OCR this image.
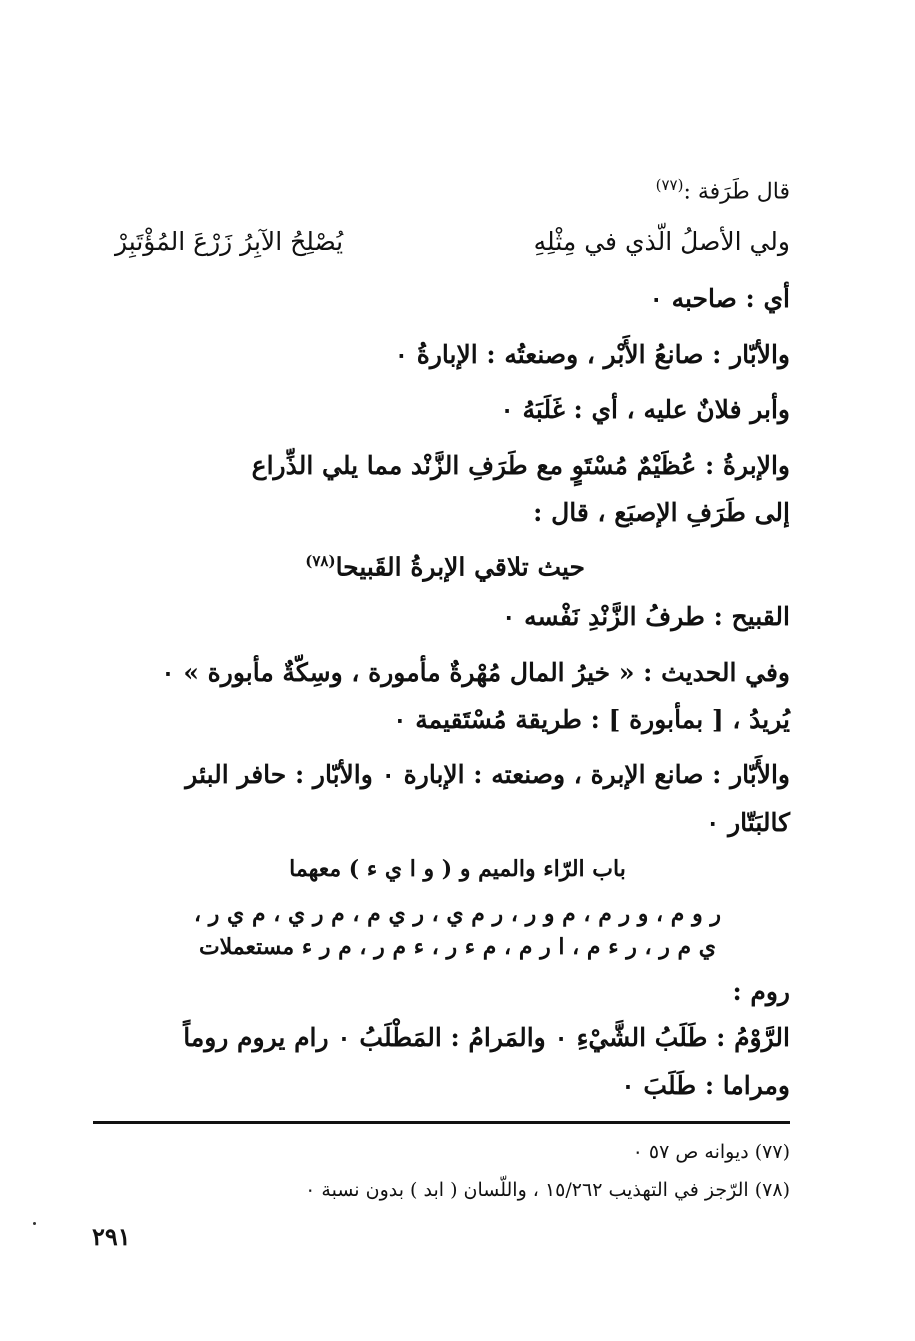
قال طَرَفة :$^{(٧٧)}$
ولي الأصلُ الّذي في مِثْلِهِ
يُصْلِحُ الآبِرُ زَرْعَ المُؤْتَبِرْ
أي : صاحبه ٠
والأبّار : صانعُ الأَبْر ، وصنعتُه : الإبارةُ ٠
وأبر فلانٌ عليه ، أي : غَلَبَهُ ٠
والإبرةُ : عُظَيْمٌ مُسْتَوٍ مع طَرَفِ الزَّنْد مما يلي الذِّراع
إلى طَرَفِ الإصبَع ، قال :
حيث تلاقي الإبرةُ القَبيحا$^{(٧٨)}$
القبيح : طرفُ الزَّنْدِ نَفْسه ٠
وفي الحديث : « خيرُ المال مُهْرةٌ مأمورة ، وسِكّةٌ مأبورة » ٠
يُريدُ ، [ بمأبورة ] : طريقة مُسْتَقيمة ٠
والأَبّار : صانع الإبرة ، وصنعته : الإبارة ٠ والأبّار : حافر البئر
كالبَتّار ٠
باب الرّاء والميم و ( و ا ي ء ) معهما
ر و م ، و ر م ، م و ر ، ر م ي ، ر ي م ، م ر ي ، م ي ر ،
ي م ر ، ر ء م ، ا ر م ، م ء ر ، ء م ر ، م ر ء مستعملات
روم :
الرَّوْمُ : طَلَبُ الشَّيْءِ ٠ والمَرامُ : المَطْلَبُ ٠ رام يروم روماً
ومراما : طَلَبَ ٠
(٧٧) ديوانه ص ٥٧ ٠
(٧٨) الرّجز في التهذيب ١٥/٢٦٢ ، واللّسان ( ابد ) بدون نسبة ٠
٢٩١
